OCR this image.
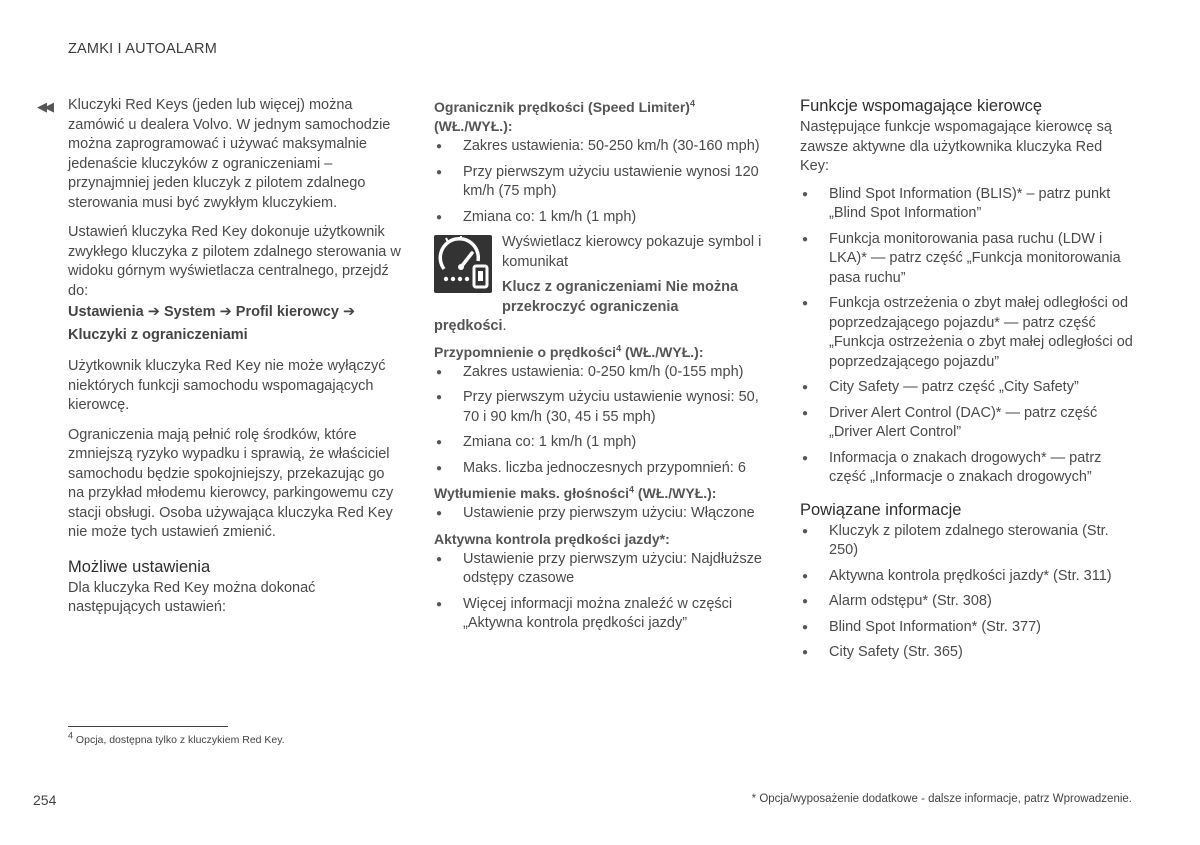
ZAMKI I AUTOALARM
◀◀ Kluczyki Red Keys (jeden lub więcej) można zamówić u dealera Volvo. W jednym samochodzie można zaprogramować i używać maksymalnie jedenaście kluczyków z ograniczeniami – przynajmniej jeden kluczyk z pilotem zdalnego sterowania musi być zwykłym kluczykiem.

Ustawień kluczyka Red Key dokonuje użytkownik zwykłego kluczyka z pilotem zdalnego sterowania w widoku górnym wyświetlacza centralnego, przejdź do:

Ustawienia ➔ System ➔ Profil kierowcy ➔ Kluczyki z ograniczeniami

Użytkownik kluczyka Red Key nie może wyłączyć niektórych funkcji samochodu wspomagających kierowcę.

Ograniczenia mają pełnić rolę środków, które zmniejszą ryzyko wypadku i sprawią, że właściciel samochodu będzie spokojniejszy, przekazując go na przykład młodemu kierowcy, parkingowemu czy stacji obsługi. Osoba używająca kluczyka Red Key nie może tych ustawień zmienić.

Możliwe ustawienia

Dla kluczyka Red Key można dokonać następujących ustawień:

Ogranicznik prędkości (Speed Limiter)$^4$
(WŁ./WYŁ.):
● Zakres ustawienia: 50-250 km/h (30-160 mph)
● Przy pierwszym użyciu ustawienie wynosi 120 km/h (75 mph)
● Zmiana co: 1 km/h (1 mph)

Wyświetlacz kierowcy pokazuje symbol i komunikat

Klucz z ograniczeniami Nie można przekroczyć ograniczenia

prędkości.

Przypomnienie o prędkości$^4$ (WŁ./WYŁ.):
● Zakres ustawienia: 0-250 km/h (0-155 mph)
● Przy pierwszym użyciu ustawienie wynosi: 50, 70 i 90 km/h (30, 45 i 55 mph)
● Zmiana co: 1 km/h (1 mph)
● Maks. liczba jednoczesnych przypomnień: 6
Wytłumienie maks. głośności$^4$ (WŁ./WYŁ.):
● Ustawienie przy pierwszym użyciu: Włączone
Aktywna kontrola prędkości jazdy*:
● Ustawienie przy pierwszym użyciu: Najdłuższe odstępy czasowe
● Więcej informacji można znaleźć w części „Aktywna kontrola prędkości jazdy”
Funkcje wspomagające kierowcę

Następujące funkcje wspomagające kierowcę są zawsze aktywne dla użytkownika kluczyka Red Key:

● Blind Spot Information (BLIS)* – patrz punkt „Blind Spot Information”
● Funkcja monitorowania pasa ruchu (LDW i LKA)* — patrz część „Funkcja monitorowania pasa ruchu”
● Funkcja ostrzeżenia o zbyt małej odległości od poprzedzającego pojazdu* — patrz część „Funkcja ostrzeżenia o zbyt małej odległości od poprzedzającego pojazdu”
● City Safety — patrz część „City Safety”
● Driver Alert Control (DAC)* — patrz część „Driver Alert Control”
● Informacja o znakach drogowych* — patrz część „Informacje o znakach drogowych”
Powiązane informacje
● Kluczyk z pilotem zdalnego sterowania (Str. 250)
● Aktywna kontrola prędkości jazdy* (Str. 311)
● Alarm odstępu* (Str. 308)
● Blind Spot Information* (Str. 377)
● City Safety (Str. 365)
$^4$ Opcja, dostępna tylko z kluczykiem Red Key.
254	* Opcja/wyposażenie dodatkowe - dalsze informacje, patrz Wprowadzenie.
